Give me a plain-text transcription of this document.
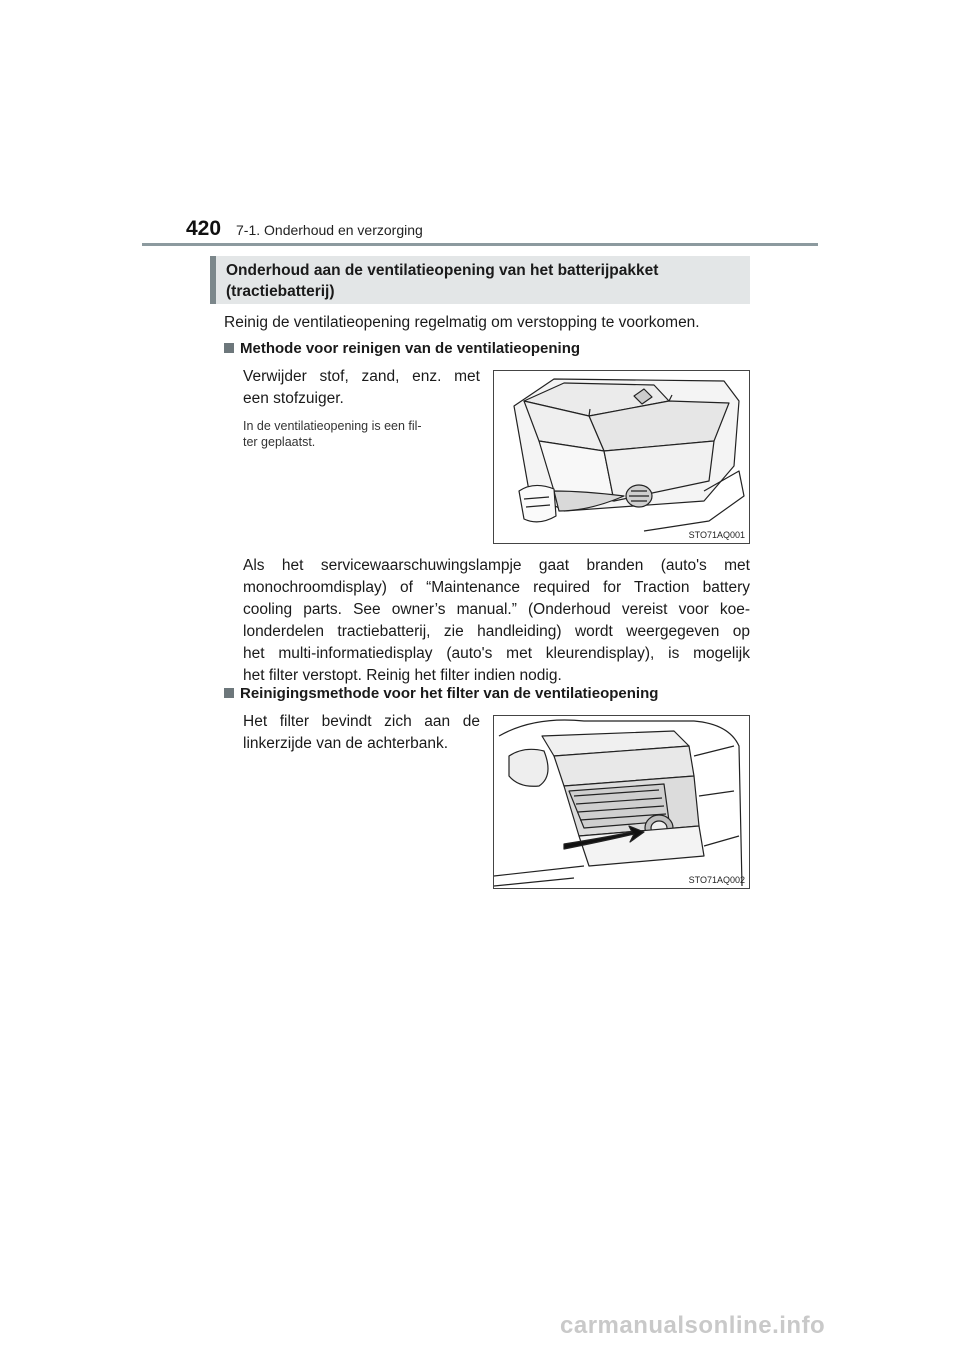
420 7-1. Onderhoud en verzorging
Onderhoud aan de ventilatieopening van het batterijpakket
(tractiebatterij)
Reinig de ventilatieopening regelmatig om verstopping te voorkomen.
Methode voor reinigen van de ventilatieopening
Verwijder stof, zand, enz. met
een stofzuiger.
In de ventilatieopening is een fil-
ter geplaatst.
STO71AQ001
Als het servicewaarschuwingslampje gaat branden (auto's met
monochroomdisplay) of “Maintenance required for Traction battery
cooling parts. See owner’s manual.” (Onderhoud vereist voor koe-
londerdelen tractiebatterij, zie handleiding) wordt weergegeven op
het multi-informatiedisplay (auto's met kleurendisplay), is mogelijk
het filter verstopt. Reinig het filter indien nodig.
Reinigingsmethode voor het filter van de ventilatieopening
Het filter bevindt zich aan de
linkerzijde van de achterbank.
STO71AQ002
carmanualsonline.info
